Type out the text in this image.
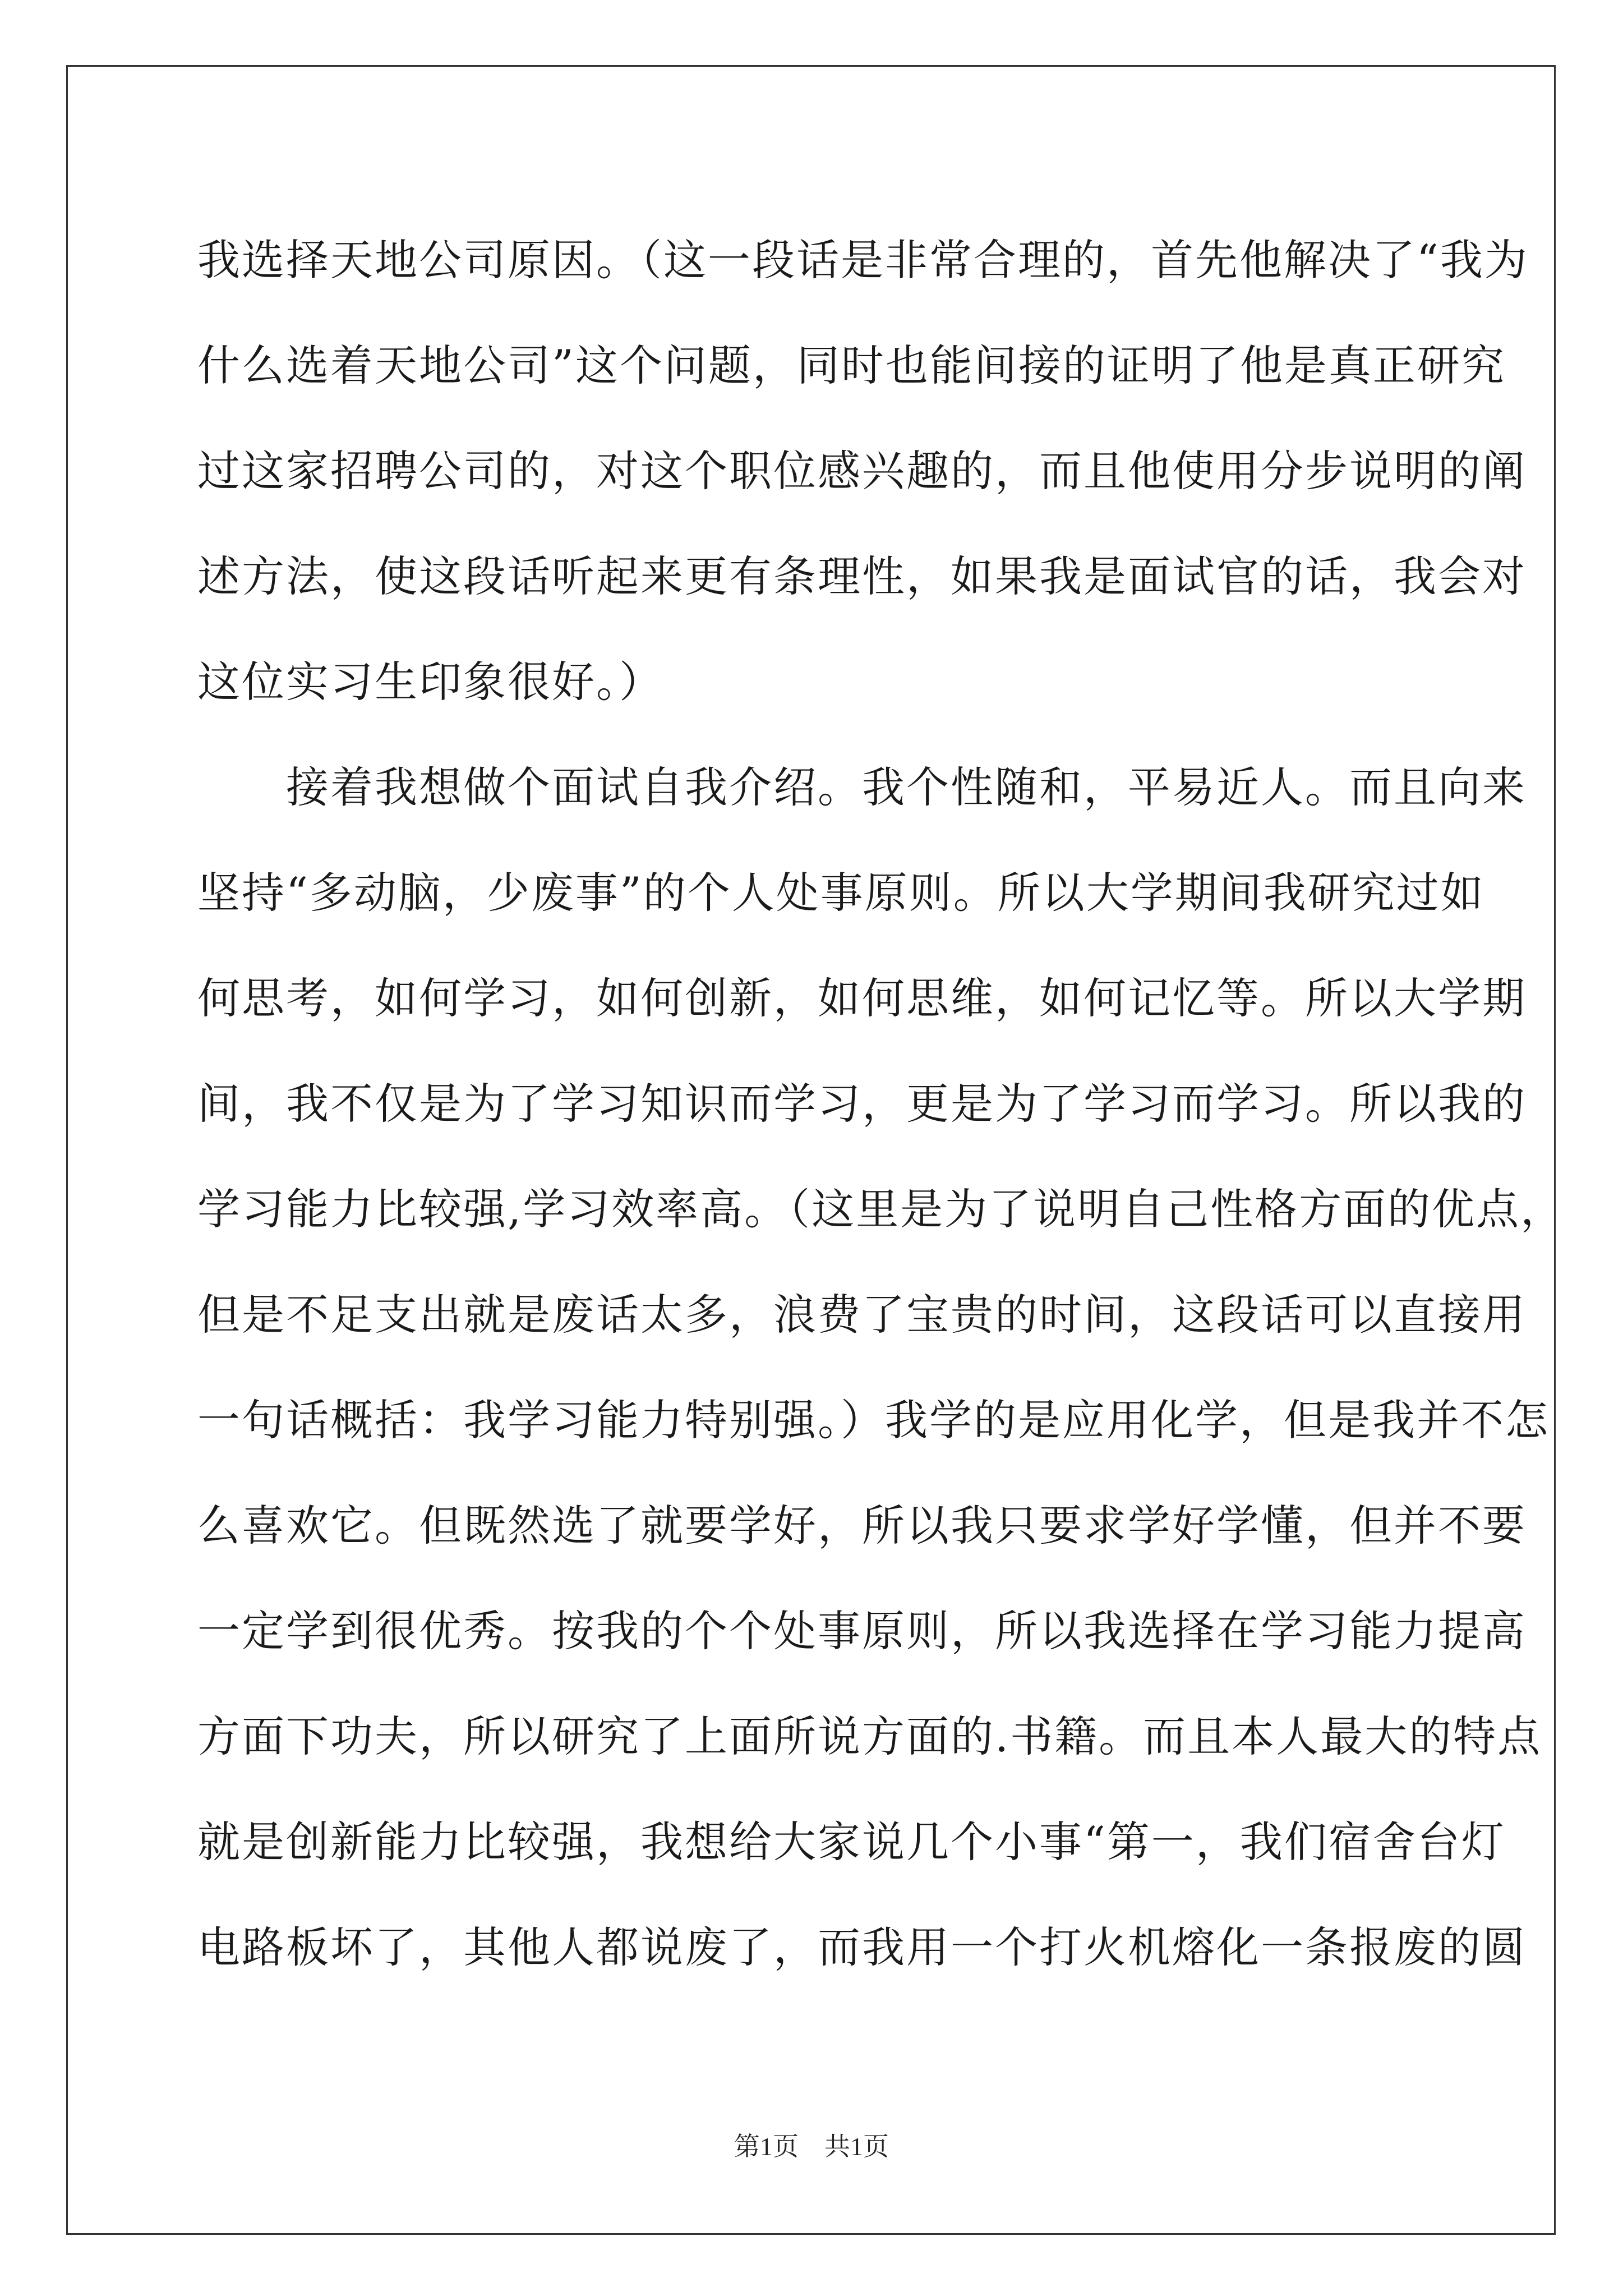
我选择天地公司原因。（这一段话是非常合理的，首先他解决了“我为
什么选着天地公司”这个问题，同时也能间接的证明了他是真正研究
过这家招聘公司的，对这个职位感兴趣的，而且他使用分步说明的阐
述方法，使这段话听起来更有条理性，如果我是面试官的话，我会对
这位实习生印象很好。）
　　接着我想做个面试自我介绍。我个性随和，平易近人。而且向来
坚持“多动脑，少废事”的个人处事原则。所以大学期间我研究过如
何思考，如何学习，如何创新，如何思维，如何记忆等。所以大学期
间，我不仅是为了学习知识而学习，更是为了学习而学习。所以我的
学习能力比较强,学习效率高。（这里是为了说明自己性格方面的优点，
但是不足支出就是废话太多，浪费了宝贵的时间，这段话可以直接用
一句话概括：我学习能力特别强。）我学的是应用化学，但是我并不怎
么喜欢它。但既然选了就要学好，所以我只要求学好学懂，但并不要
一定学到很优秀。按我的个个处事原则，所以我选择在学习能力提高
方面下功夫，所以研究了上面所说方面的.书籍。而且本人最大的特点
就是创新能力比较强，我想给大家说几个小事“第一，我们宿舍台灯
电路板坏了，其他人都说废了，而我用一个打火机熔化一条报废的圆
第1页　共1页
